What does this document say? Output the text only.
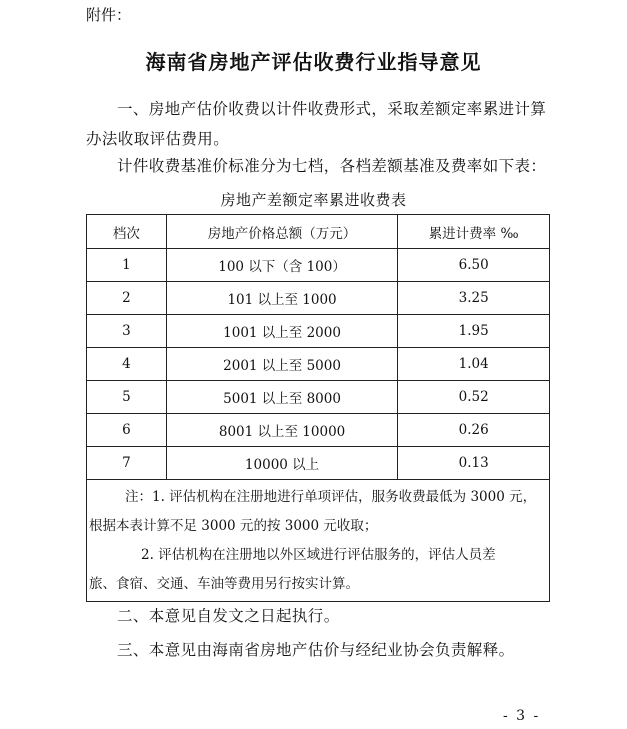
附件：
海南省房地产评估收费行业指导意见
一、房地产估价收费以计件收费形式，采取差额定率累进计算办法收取评估费用。
计件收费基准价标准分为七档，各档差额基准及费率如下表：
房地产差额定率累进收费表
档次	房地产价格总额（万元）	累进计费率 ‰
1	100 以下（含 100）	6.50
2	101 以上至 1000	3.25
3	1001 以上至 2000	1.95
4	2001 以上至 5000	1.04
5	5001 以上至 8000	0.52
6	8001 以上至 10000	0.26
7	10000 以上	0.13

注：1. 评估机构在注册地进行单项评估，服务收费最低为 3000 元，
根据本表计算不足 3000 元的按 3000 元收取；
2. 评估机构在注册地以外区域进行评估服务的，评估人员差
旅、食宿、交通、车油等费用另行按实计算。		
二、本意见自发文之日起执行。
三、本意见由海南省房地产估价与经纪业协会负责解释。
- 3 -
